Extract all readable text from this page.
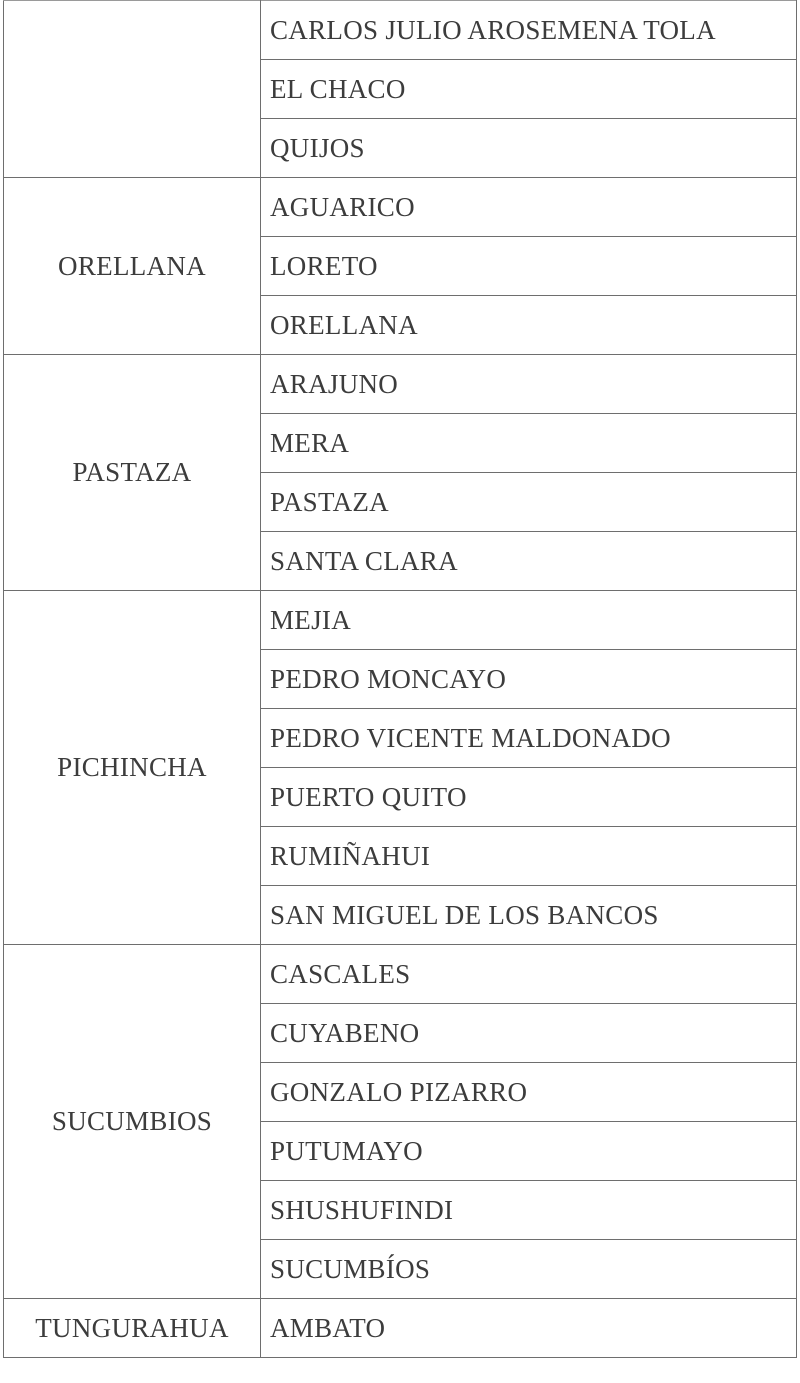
	CARLOS JULIO AROSEMENA TOLA
	EL CHACO
	QUIJOS
ORELLANA	AGUARICO
	LORETO
	ORELLANA
PASTAZA	ARAJUNO
	MERA
	PASTAZA
	SANTA CLARA
PICHINCHA	MEJIA
	PEDRO MONCAYO
	PEDRO VICENTE MALDONADO
	PUERTO QUITO
	RUMIÑAHUI
	SAN MIGUEL DE LOS BANCOS
SUCUMBIOS	CASCALES
	CUYABENO
	GONZALO PIZARRO
	PUTUMAYO
	SHUSHUFINDI
	SUCUMBÍOS
TUNGURAHUA	AMBATO
